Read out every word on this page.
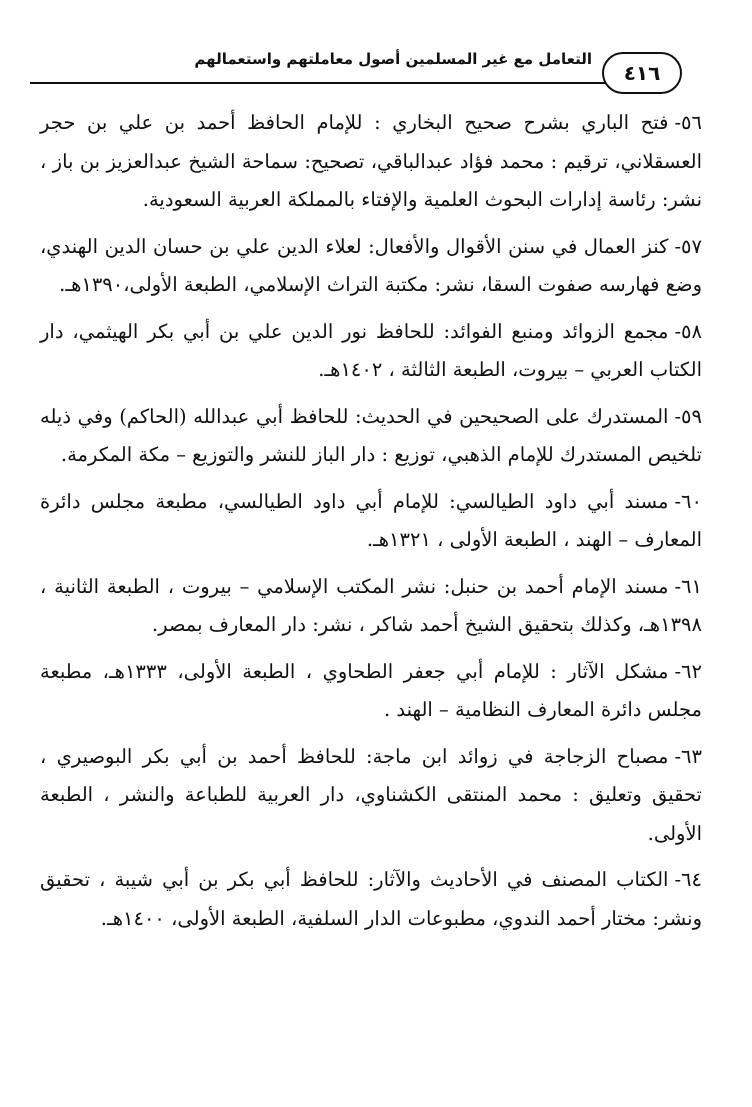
التعامل مع غير المسلمين أصول معاملتهم واستعمالهم
٤١٦

٥٦-فتح الباري بشرح صحيح البخاري : للإمام الحافظ أحمد بن علي بن حجر العسقلاني، ترقيم : محمد فؤاد عبدالباقي، تصحيح: سماحة الشيخ عبدالعزيز بن باز ، نشر: رئاسة إدارات البحوث العلمية والإفتاء بالمملكة العربية السعودية.

٥٧-كنز العمال في سنن الأقوال والأفعال: لعلاء الدين علي بن حسان الدين الهندي، وضع فهارسه صفوت السقا، نشر: مكتبة التراث الإسلامي، الطبعة الأولى،١٣٩٠هـ.

٥٨-مجمع الزوائد ومنبع الفوائد: للحافظ نور الدين علي بن أبي بكر الهيثمي، دار الكتاب العربي – بيروت، الطبعة الثالثة ، ١٤٠٢هـ.

٥٩-المستدرك على الصحيحين في الحديث: للحافظ أبي عبدالله (الحاكم) وفي ذيله تلخيص المستدرك للإمام الذهبي، توزيع : دار الباز للنشر والتوزيع – مكة المكرمة.

٦٠-مسند أبي داود الطيالسي: للإمام أبي داود الطيالسي، مطبعة مجلس دائرة المعارف – الهند ، الطبعة الأولى ، ١٣٢١هـ.

٦١-مسند الإمام أحمد بن حنبل: نشر المكتب الإسلامي – بيروت ، الطبعة الثانية ، ١٣٩٨هـ، وكذلك بتحقيق الشيخ أحمد شاكر ، نشر: دار المعارف بمصر.

٦٢-مشكل الآثار : للإمام أبي جعفر الطحاوي ، الطبعة الأولى، ١٣٣٣هـ، مطبعة مجلس دائرة المعارف النظامية – الهند .

٦٣-مصباح الزجاجة في زوائد ابن ماجة: للحافظ أحمد بن أبي بكر البوصيري ، تحقيق وتعليق : محمد المنتقى الكشناوي، دار العربية للطباعة والنشر ، الطبعة الأولى.

٦٤-الكتاب المصنف في الأحاديث والآثار: للحافظ أبي بكر بن أبي شيبة ، تحقيق ونشر: مختار أحمد الندوي، مطبوعات الدار السلفية، الطبعة الأولى، ١٤٠٠هـ.
